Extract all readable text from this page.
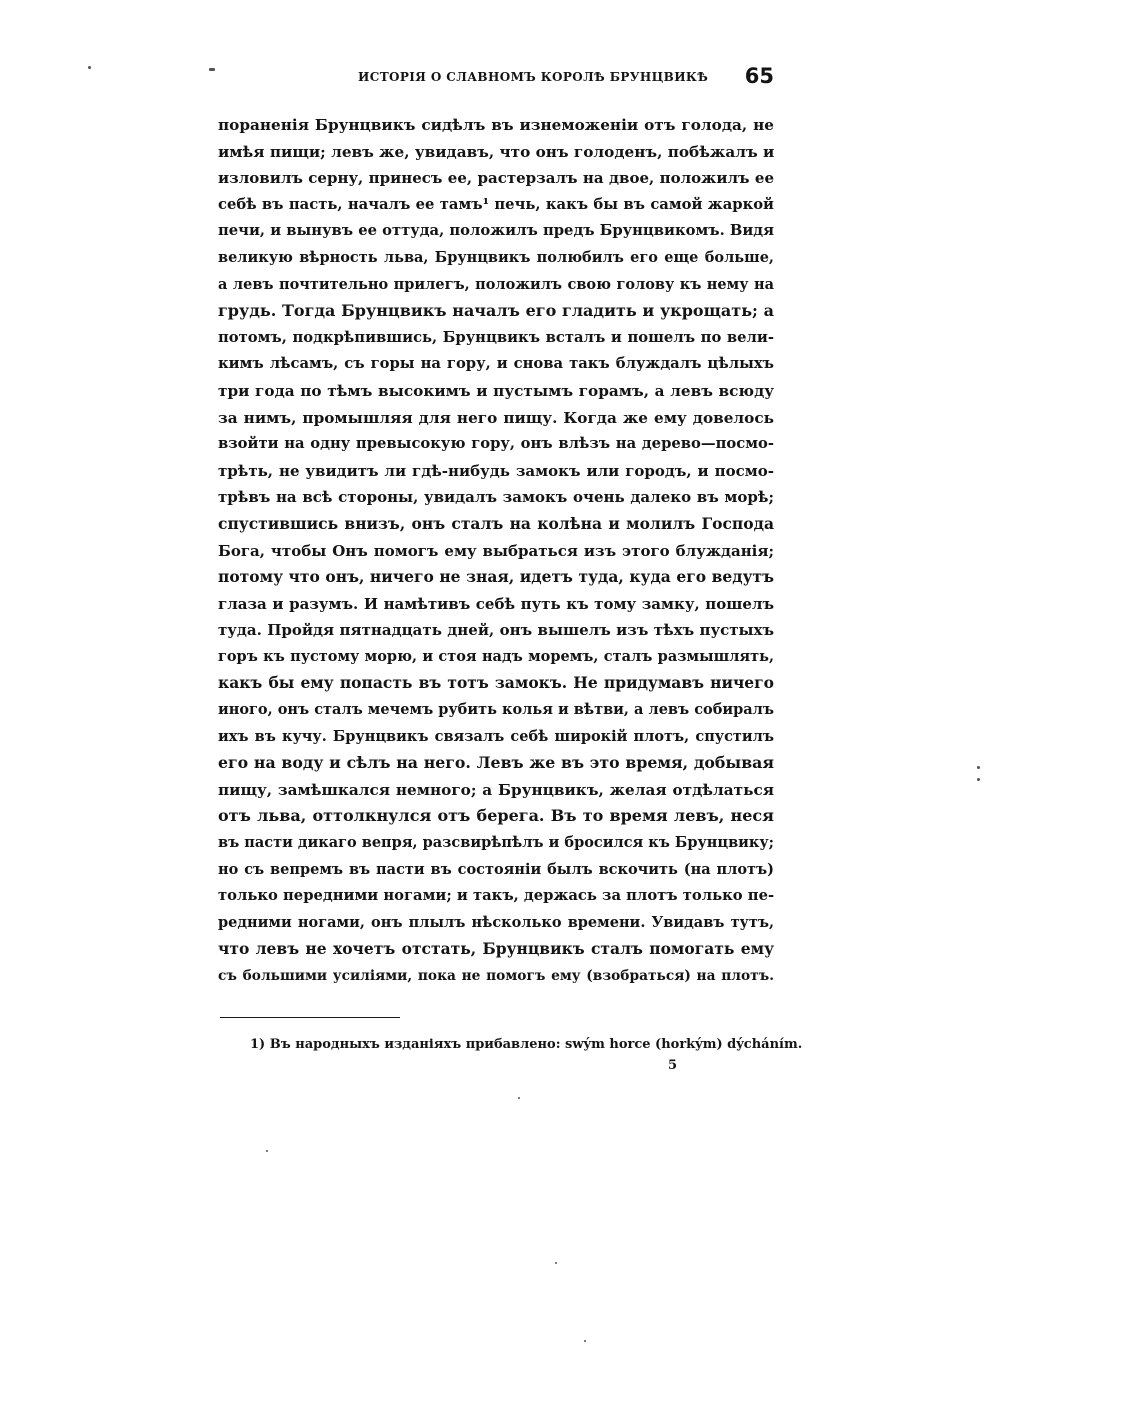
ИСТОРІЯ О СЛАВНОМЪ КОРОЛѢ БРУНЦВИКѢ 65
пораненія Брунцвикъ сидѣлъ въ изнеможеніи отъ голода, не
имѣя пищи; левъ же, увидавъ, что онъ голоденъ, побѣжалъ и
изловилъ серну, принесъ ее, растерзалъ на двое, положилъ ее
себѣ въ пасть, началъ ее тамъ¹ печь, какъ бы въ самой жаркой
печи, и вынувъ ее оттуда, положилъ предъ Брунцвикомъ. Видя
великую вѣрность льва, Брунцвикъ полюбилъ его еще больше,
а левъ почтительно прилегъ, положилъ свою голову къ нему на
грудь. Тогда Брунцвикъ началъ его гладить и укрощать; а
потомъ, подкрѣпившись, Брунцвикъ всталъ и пошелъ по вели-
кимъ лѣсамъ, съ горы на гору, и снова такъ блуждалъ цѣлыхъ
три года по тѣмъ высокимъ и пустымъ горамъ, а левъ всюду
за нимъ, промышляя для него пищу. Когда же ему довелось
взойти на одну превысокую гору, онъ влѣзъ на дерево—посмо-
трѣть, не увидитъ ли гдѣ-нибудь замокъ или городъ, и посмо-
трѣвъ на всѣ стороны, увидалъ замокъ очень далеко въ морѣ;
спустившись внизъ, онъ сталъ на колѣна и молилъ Господа
Бога, чтобы Онъ помогъ ему выбраться изъ этого блужданія;
потому что онъ, ничего не зная, идетъ туда, куда его ведутъ
глаза и разумъ. И намѣтивъ себѣ путь къ тому замку, пошелъ
туда. Пройдя пятнадцать дней, онъ вышелъ изъ тѣхъ пустыхъ
горъ къ пустому морю, и стоя надъ моремъ, сталъ размышлять,
какъ бы ему попасть въ тотъ замокъ. Не придумавъ ничего
иного, онъ сталъ мечемъ рубить колья и вѣтви, а левъ собиралъ
ихъ въ кучу. Брунцвикъ связалъ себѣ широкій плотъ, спустилъ
его на воду и сѣлъ на него. Левъ же въ это время, добывая
пищу, замѣшкался немного; а Брунцвикъ, желая отдѣлаться
отъ льва, оттолкнулся отъ берега. Въ то время левъ, неся
въ пасти дикаго вепря, разсвирѣпѣлъ и бросился къ Брунцвику;
но съ вепремъ въ пасти въ состояніи былъ вскочить (на плотъ)
только передними ногами; и такъ, держась за плотъ только пе-
редними ногами, онъ плылъ нѣсколько времени. Увидавъ тутъ,
что левъ не хочетъ отстать, Брунцвикъ сталъ помогать ему
съ большими усиліями, пока не помогъ ему (взобраться) на плотъ.
1) Въ народныхъ изданіяхъ прибавлено: swým horce (horkým) dýcháním.
5
